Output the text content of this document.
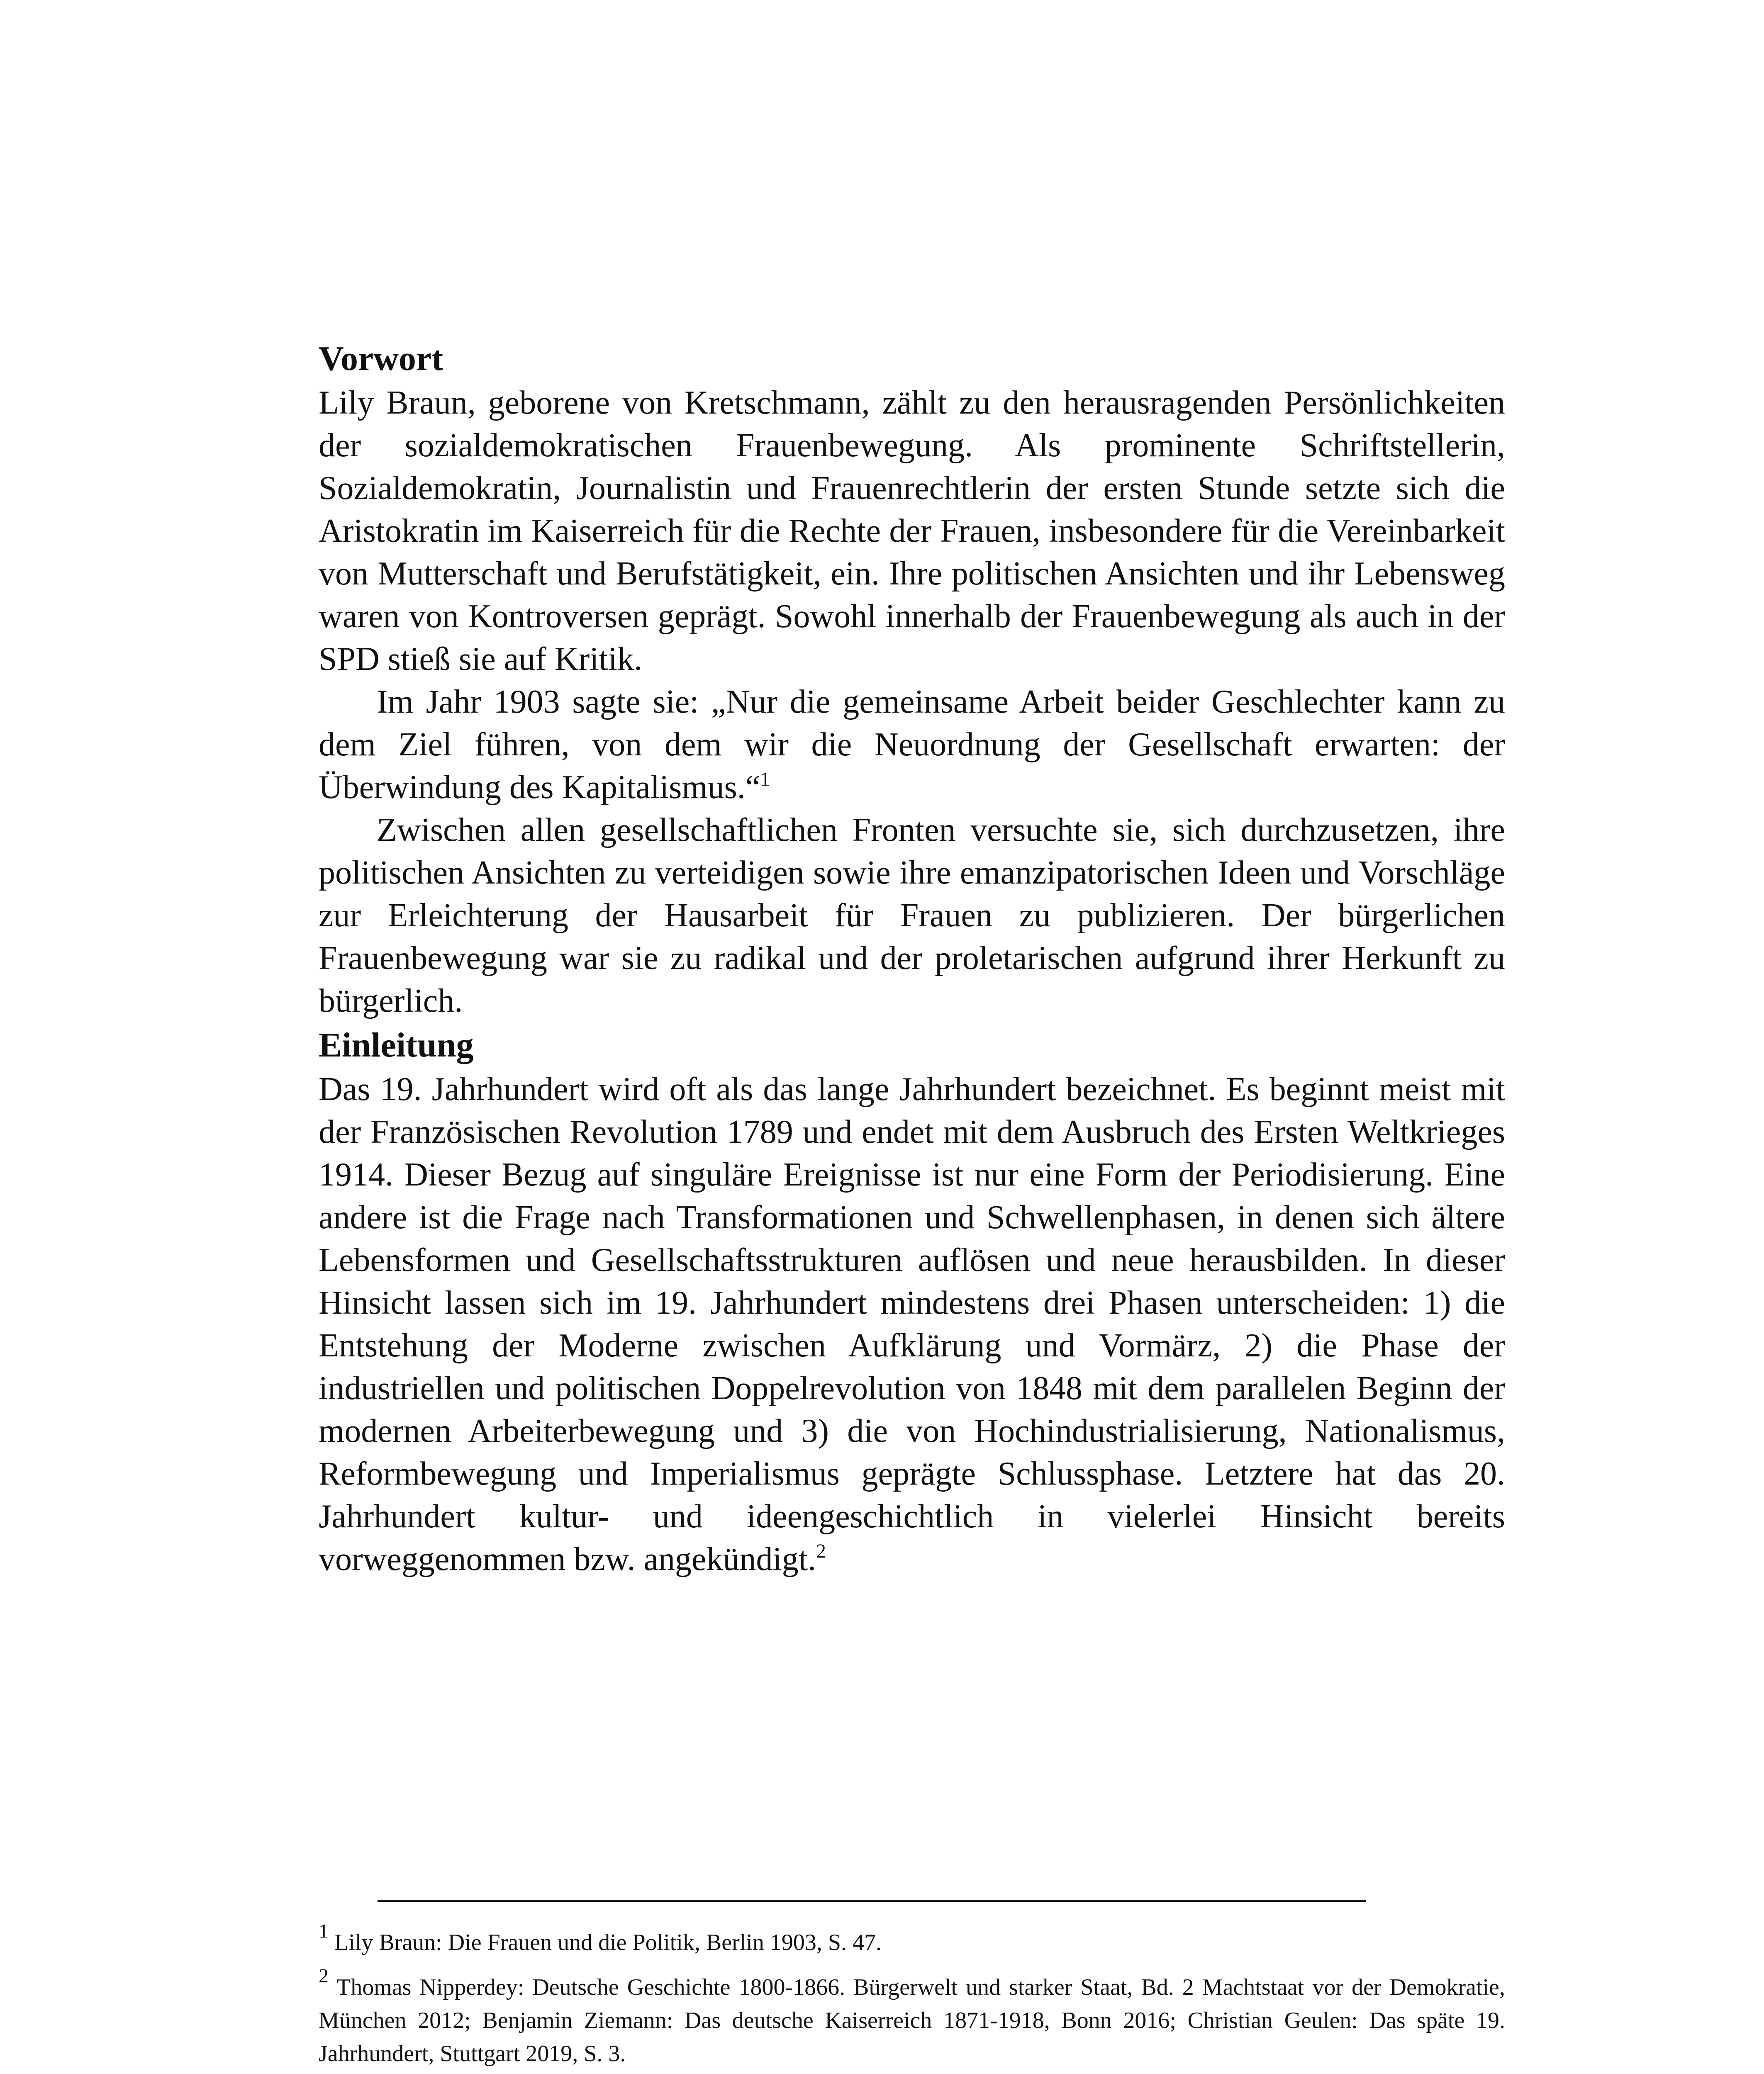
Vorwort

Lily Braun, geborene von Kretschmann, zählt zu den herausragenden Persönlichkeiten der sozialdemokratischen Frauenbewegung. Als prominente Schriftstellerin, Sozialdemokratin, Journalistin und Frauenrechtlerin der ersten Stunde setzte sich die Aristokratin im Kaiserreich für die Rechte der Frauen, insbesondere für die Vereinbarkeit von Mutterschaft und Berufstätigkeit, ein. Ihre politischen Ansichten und ihr Lebensweg waren von Kontroversen geprägt. Sowohl innerhalb der Frauenbewegung als auch in der SPD stieß sie auf Kritik.

Im Jahr 1903 sagte sie: „Nur die gemeinsame Arbeit beider Geschlechter kann zu dem Ziel führen, von dem wir die Neuordnung der Gesellschaft erwarten: der Überwindung des Kapitalismus.“$^1$

Zwischen allen gesellschaftlichen Fronten versuchte sie, sich durchzusetzen, ihre politischen Ansichten zu verteidigen sowie ihre emanzipatorischen Ideen und Vorschläge zur Erleichterung der Hausarbeit für Frauen zu publizieren. Der bürgerlichen Frauenbewegung war sie zu radikal und der proletarischen aufgrund ihrer Herkunft zu bürgerlich.

Einleitung

Das 19. Jahrhundert wird oft als das lange Jahrhundert bezeichnet. Es beginnt meist mit der Französischen Revolution 1789 und endet mit dem Ausbruch des Ersten Weltkrieges 1914. Dieser Bezug auf singuläre Ereignisse ist nur eine Form der Periodisierung. Eine andere ist die Frage nach Transformationen und Schwellenphasen, in denen sich ältere Lebensformen und Gesellschaftsstrukturen auflösen und neue herausbilden. In dieser Hinsicht lassen sich im 19. Jahrhundert mindestens drei Phasen unterscheiden: 1) die Entstehung der Moderne zwischen Aufklärung und Vormärz, 2) die Phase der industriellen und politischen Doppelrevolution von 1848 mit dem parallelen Beginn der modernen Arbeiterbewegung und 3) die von Hochindustrialisierung, Nationalismus, Reformbewegung und Imperialismus geprägte Schlussphase. Letztere hat das 20. Jahrhundert kultur- und ideengeschichtlich in vielerlei Hinsicht bereits vorweggenommen bzw. angekündigt.$^2$

$^1$ Lily Braun: Die Frauen und die Politik, Berlin 1903, S. 47.

$^2$ Thomas Nipperdey: Deutsche Geschichte 1800-1866. Bürgerwelt und starker Staat, Bd. 2 Machtstaat vor der Demokratie, München 2012; Benjamin Ziemann: Das deutsche Kaiserreich 1871-1918, Bonn 2016; Christian Geulen: Das späte 19. Jahrhundert, Stuttgart 2019, S. 3.
